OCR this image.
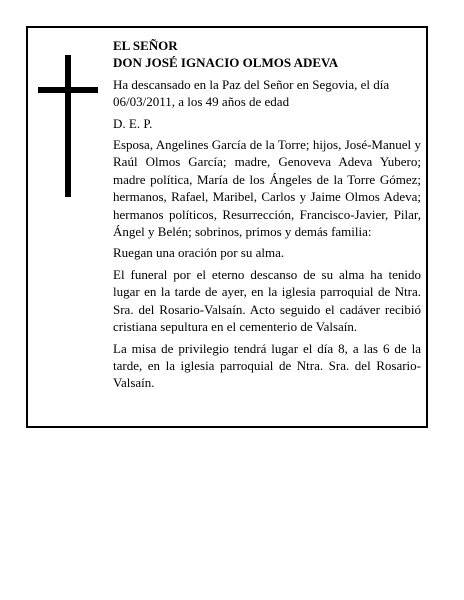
EL SEÑOR
DON JOSÉ IGNACIO OLMOS ADEVA

Ha descansado en la Paz del Señor en Segovia, el día 06/03/2011, a los 49 años de edad

D. E. P.

Esposa, Angelines García de la Torre; hijos, José-Manuel y Raúl Olmos García; madre, Genoveva Adeva Yubero; madre política, María de los Ángeles de la Torre Gómez; hermanos, Rafael, Maribel, Carlos y Jaime Olmos Adeva; hermanos políticos, Resurrección, Francisco-Javier, Pilar, Ángel y Belén; sobrinos, primos y demás familia:

Ruegan una oración por su alma.

El funeral por el eterno descanso de su alma ha tenido lugar en la tarde de ayer, en la iglesia parroquial de Ntra. Sra. del Rosario-Valsaín. Acto seguido el cadáver recibió cristiana sepultura en el cementerio de Valsaín.

La misa de privilegio tendrá lugar el día 8, a las 6 de la tarde, en la iglesia parroquial de Ntra. Sra. del Rosario-Valsaín.
